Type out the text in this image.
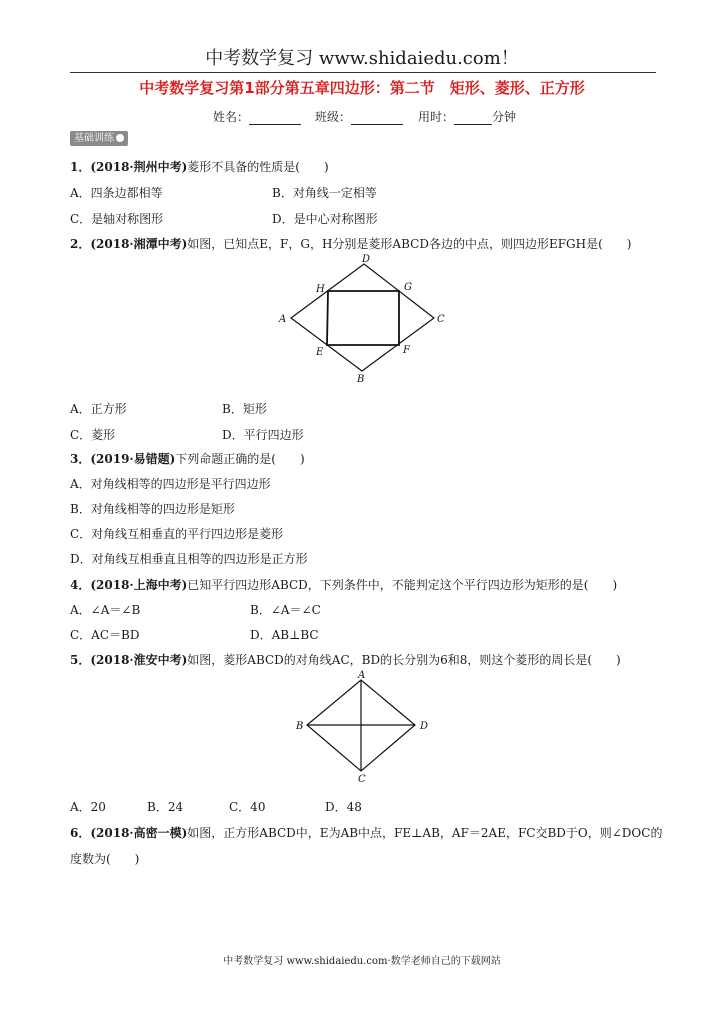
中考数学复习 www.shidaiedu.com！
中考数学复习第1部分第五章四边形：第二节　矩形、菱形、正方形
姓名：	班级：	用时：	分钟
基础训练
1．(2018·荆州中考)菱形不具备的性质是(　　)
A．四条边都相等	B．对角线一定相等
C．是轴对称图形	D．是中心对称图形
2．(2018·湘潭中考)如图，已知点E，F，G，H分别是菱形ABCD各边的中点，则四边形EFGH是(　　)
D
H	G
A	C
E	F
B
A．正方形	B．矩形
C．菱形	D．平行四边形
3．(2019·易错题)下列命题正确的是(　　)
A．对角线相等的四边形是平行四边形
B．对角线相等的四边形是矩形
C．对角线互相垂直的平行四边形是菱形
D．对角线互相垂直且相等的四边形是正方形
4．(2018·上海中考)已知平行四边形ABCD，下列条件中，不能判定这个平行四边形为矩形的是(　　)
A．∠A＝∠B	B．∠A＝∠C
C．AC＝BD	D．AB⊥BC
5．(2018·淮安中考)如图，菱形ABCD的对角线AC，BD的长分别为6和8，则这个菱形的周长是(　　)
A
B	D
C
A．20	B．24	C．40	D．48
6．(2018·高密一模)如图，正方形ABCD中，E为AB中点，FE⊥AB，AF＝2AE，FC交BD于O，则∠DOC的
度数为(　　)
中考数学复习 www.shidaiedu.com·数学老师自己的下载网站
